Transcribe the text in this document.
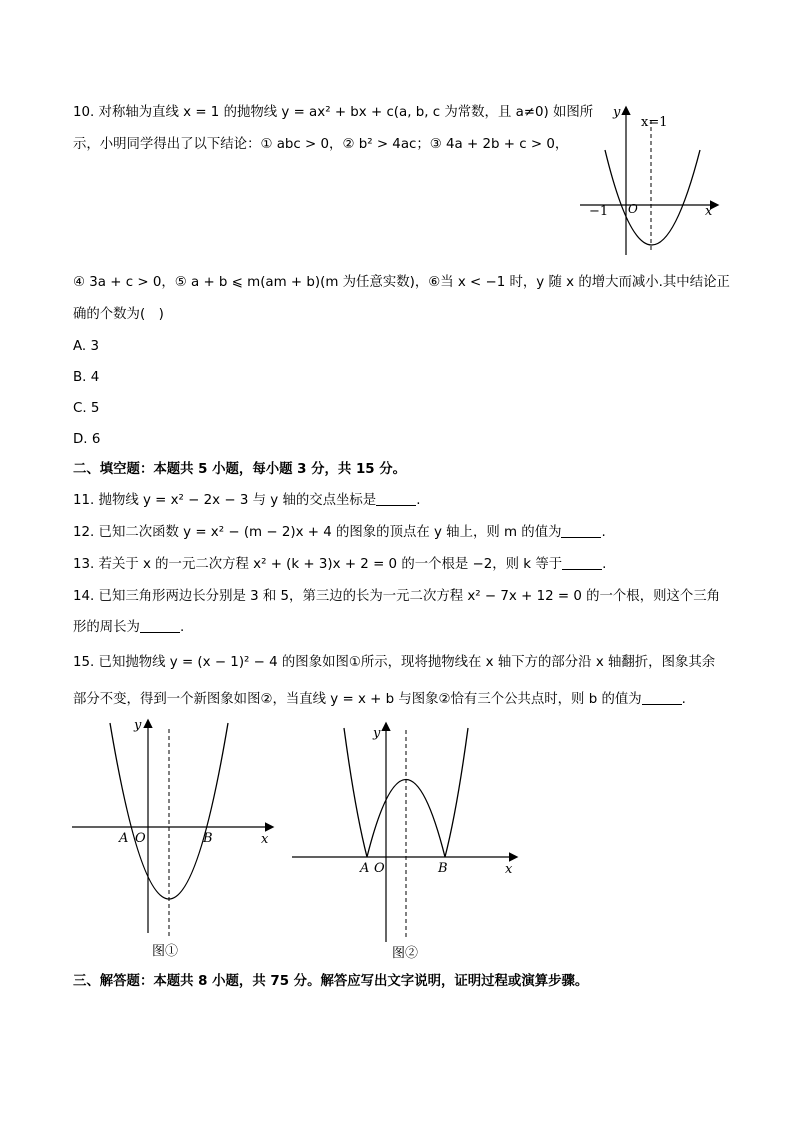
10. 对称轴为直线 x = 1 的抛物线 y = ax² + bx + c(a, b, c 为常数，且 a≠0) 如图所
示，小明同学得出了以下结论：① abc > 0，② b² > 4ac；③ 4a + 2b + c > 0，
y
x=1
x
O
−1
④ 3a + c > 0，⑤ a + b ⩽ m(am + b)(m 为任意实数)，⑥当 x < −1 时，y 随 x 的增大而减小.其中结论正
确的个数为(　)
A. 3
B. 4
C. 5
D. 6
二、填空题：本题共 5 小题，每小题 3 分，共 15 分。
11. 抛物线 y = x² − 2x − 3 与 y 轴的交点坐标是	.
12. 已知二次函数 y = x² − (m − 2)x + 4 的图象的顶点在 y 轴上，则 m 的值为	.
13. 若关于 x 的一元二次方程 x² + (k + 3)x + 2 = 0 的一个根是 −2，则 k 等于	.
14. 已知三角形两边长分别是 3 和 5，第三边的长为一元二次方程 x² − 7x + 12 = 0 的一个根，则这个三角
形的周长为	.
15. 已知抛物线 y = (x − 1)² − 4 的图象如图①所示，现将抛物线在 x 轴下方的部分沿 x 轴翻折，图象其余
部分不变，得到一个新图象如图②，当直线 y = x + b 与图象②恰有三个公共点时，则 b 的值为	.
y
x
A O	B
图①
y
x
A O	B
图②
三、解答题：本题共 8 小题，共 75 分。解答应写出文字说明，证明过程或演算步骤。
